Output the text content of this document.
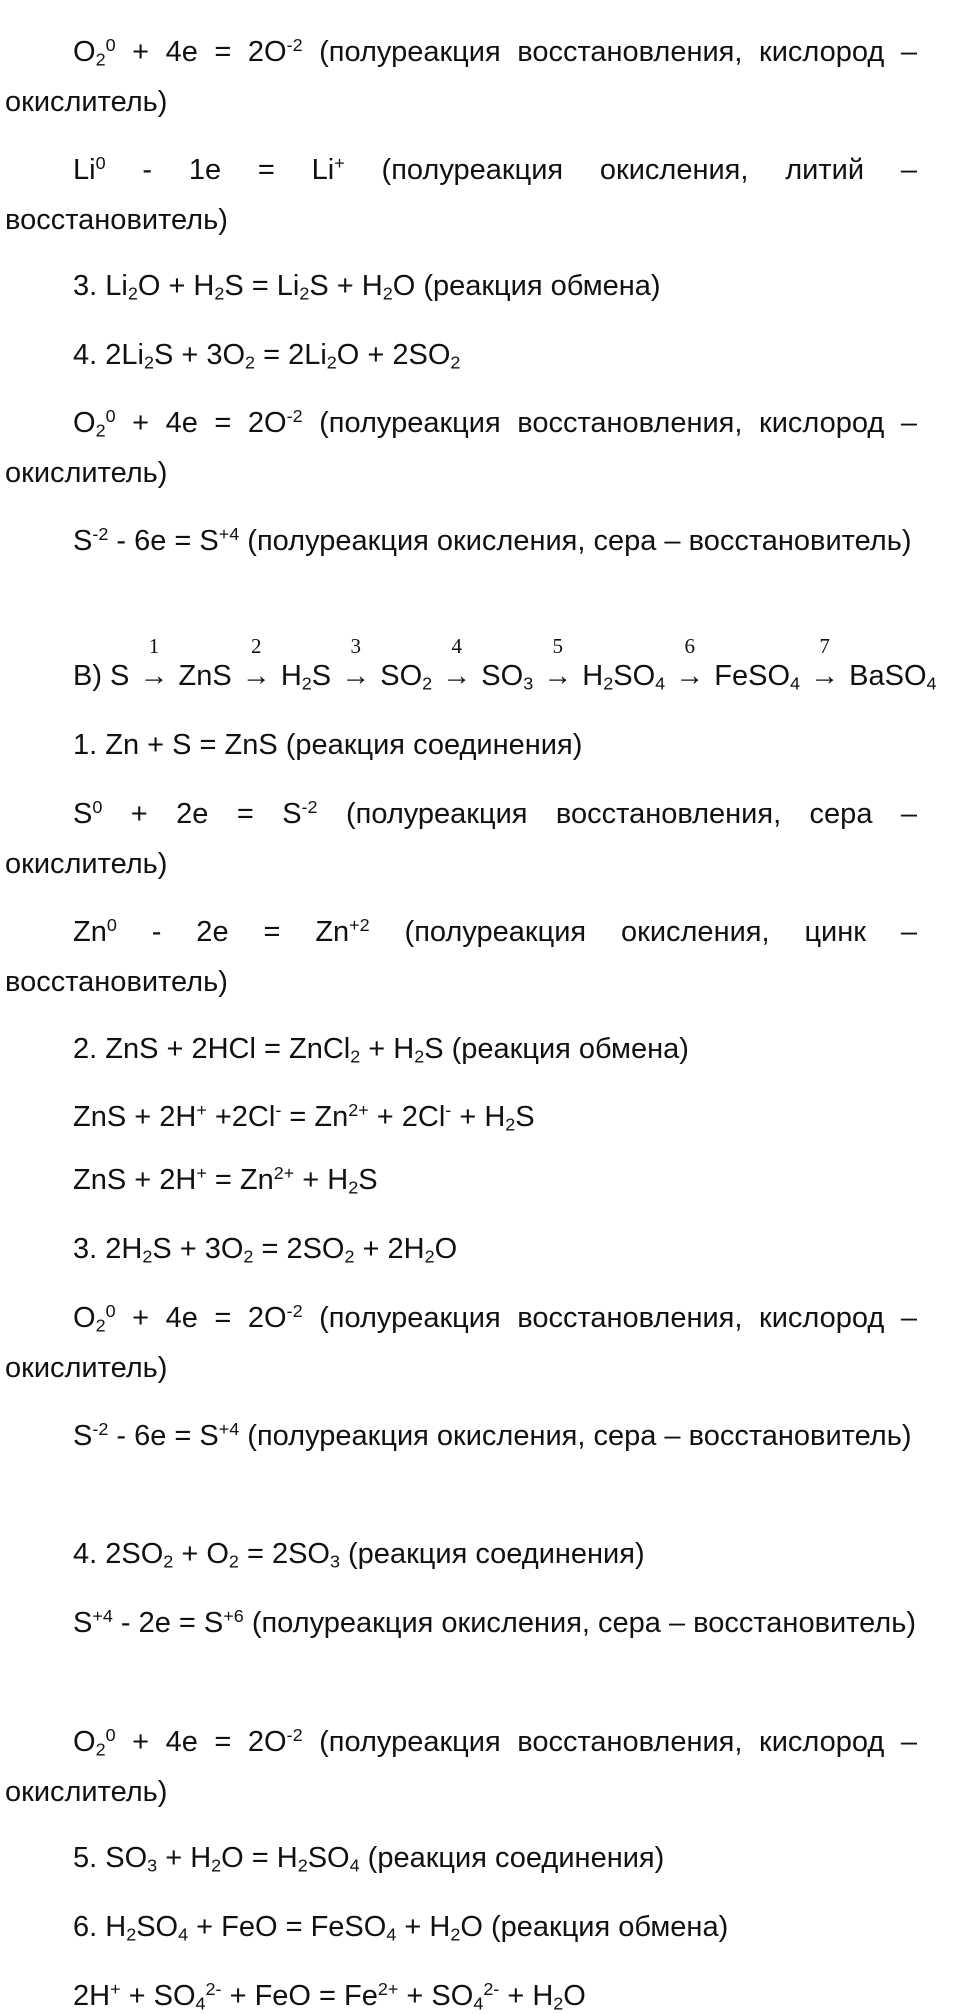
$O_2^0 + 4e = 2O^{-2}$ (полуреакция восстановления, кислород – окислитель)

Li$^0$ - 1e = Li+ (полуреакция окисления, литий – восстановитель)

3. $Li_2O + H_2S = Li_2S + H_2O$ (реакция обмена)
4. $2Li_2S + 3O_2 = 2Li_2O + 2SO_2$

$O_2^0 + 4e = 2O^{-2}$ (полуреакция восстановления, кислород – окислитель)

$S^{-2} - 6e = S^{+4}$ (полуреакция окисления, сера – восстановитель)

В) S
1
→ ZnS
2
→ $H_2S$
3
→ $SO_2$
4
→ $SO_3$
5
→ $H_2SO_4$
6
→ FeSO$_4$
7
→ BaSO$_4$
1. Zn + S = ZnS (реакция соединения)

$S^0 + 2e = S^{-2}$ (полуреакция восстановления, сера – окислитель)

$Zn^0 - 2e = Zn^{+2}$ (полуреакция окисления, цинк – восстановитель)

2. ZnS + 2HCl = ZnCl$_2$ + $H_2S$ (реакция обмена)
ZnS + $2H^+ +2Cl^- = Zn^{2+} + 2Cl^- + H_2S$
ZnS + $2H^+ = Zn^{2+} + H_2S$
3. $2H_2S + 3O_2 = 2SO_2 + 2H_2O$

$O_2^0 + 4e = 2O^{-2}$ (полуреакция восстановления, кислород – окислитель)

$S^{-2} - 6e = S^{+4}$ (полуреакция окисления, сера – восстановитель)

4. $2SO_2 + O_2 = 2SO_3$ (реакция соединения)

$S^{+4} - 2e = S^{+6}$ (полуреакция окисления, сера – восстановитель)

$O_2^0 + 4e = 2O^{-2}$ (полуреакция восстановления, кислород – окислитель)

5. $SO_3 + H_2O = H_2SO_4$ (реакция соединения)
6. $H_2SO_4$ + FeO = FeSO$_4$ + $H_2O$ (реакция обмена)
$2H^+ + SO_4^{2-}$ + FeO = $Fe^{2+} + SO_4^{2-} + H_2O$
